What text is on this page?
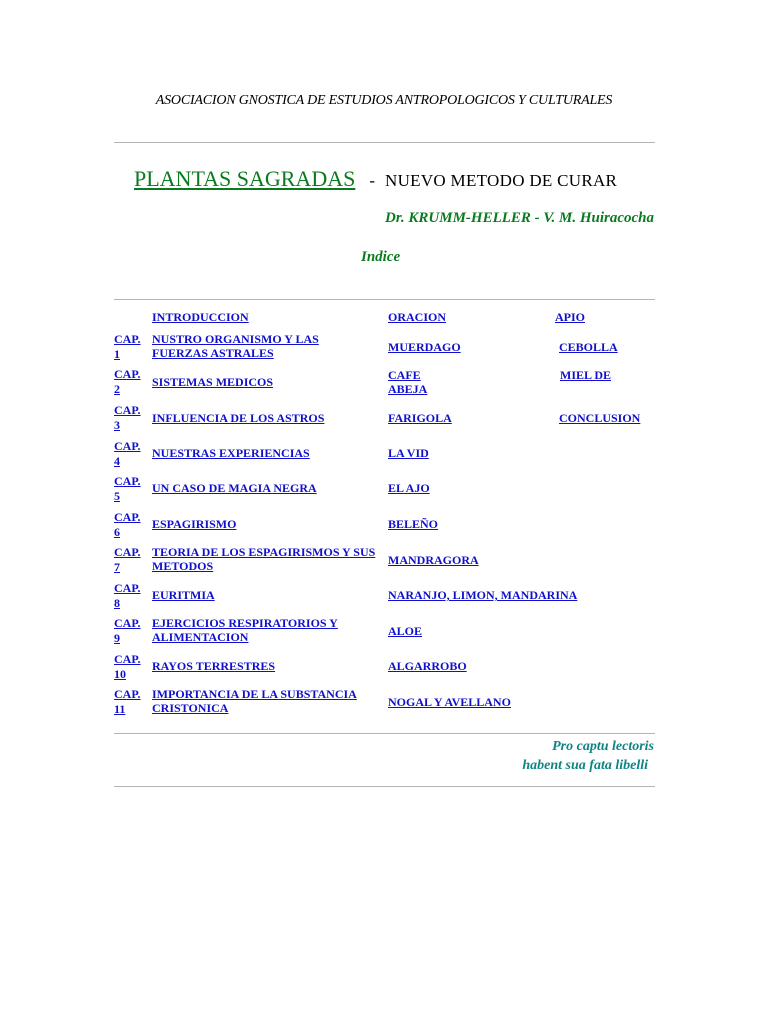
ASOCIACION GNOSTICA DE ESTUDIOS ANTROPOLOGICOS Y CULTURALES
PLANTAS SAGRADAS - NUEVO METODO DE CURAR
Dr. KRUMM-HELLER - V. M. Huiracocha
Indice
INTRODUCCION
CAP.
1
NUSTRO ORGANISMO Y LAS FUERZAS ASTRALES
CAP.
2	SISTEMAS MEDICOS
CAP.
3	INFLUENCIA DE LOS ASTROS
CAP.
4
NUESTRAS EXPERIENCIAS
CAP.
5
UN CASO DE MAGIA NEGRA
CAP.
6
ESPAGIRISMO
CAP.
7
TEORIA DE LOS ESPAGIRISMOS Y SUS METODOS
CAP.
8
EURITMIA
CAP.
9
EJERCICIOS RESPIRATORIOS Y ALIMENTACION
CAP.
10
RAYOS TERRESTRES
CAP.
11
IMPORTANCIA DE LA SUBSTANCIA CRISTONICA
ORACION
MUERDAGO
CAFE
ABEJA
FARIGOLA
LA VID
EL AJO
BELEÑO
MANDRAGORA
NARANJO, LIMON, MANDARINA
ALOE
ALGARROBO
NOGAL Y AVELLANO
APIO
CEBOLLA
MIEL DE
CONCLUSION
Pro captu lectoris
habent sua fata libelli
